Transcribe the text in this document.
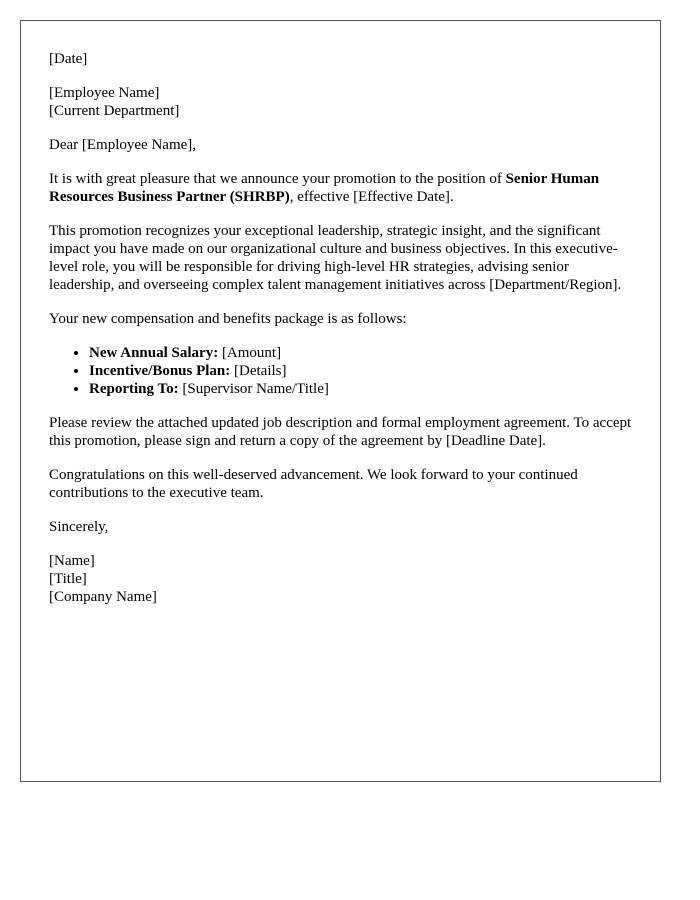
[Date]

[Employee Name]
[Current Department]

Dear [Employee Name],

It is with great pleasure that we announce your promotion to the position of Senior Human Resources Business Partner (SHRBP), effective [Effective Date].

This promotion recognizes your exceptional leadership, strategic insight, and the significant impact you have made on our organizational culture and business objectives. In this executive-level role, you will be responsible for driving high-level HR strategies, advising senior leadership, and overseeing complex talent management initiatives across [Department/Region].

Your new compensation and benefits package is as follows:

• New Annual Salary: [Amount]
• Incentive/Bonus Plan: [Details]
• Reporting To: [Supervisor Name/Title]

Please review the attached updated job description and formal employment agreement. To accept this promotion, please sign and return a copy of the agreement by [Deadline Date].

Congratulations on this well-deserved advancement. We look forward to your continued contributions to the executive team.

Sincerely,

[Name]
[Title]
[Company Name]
